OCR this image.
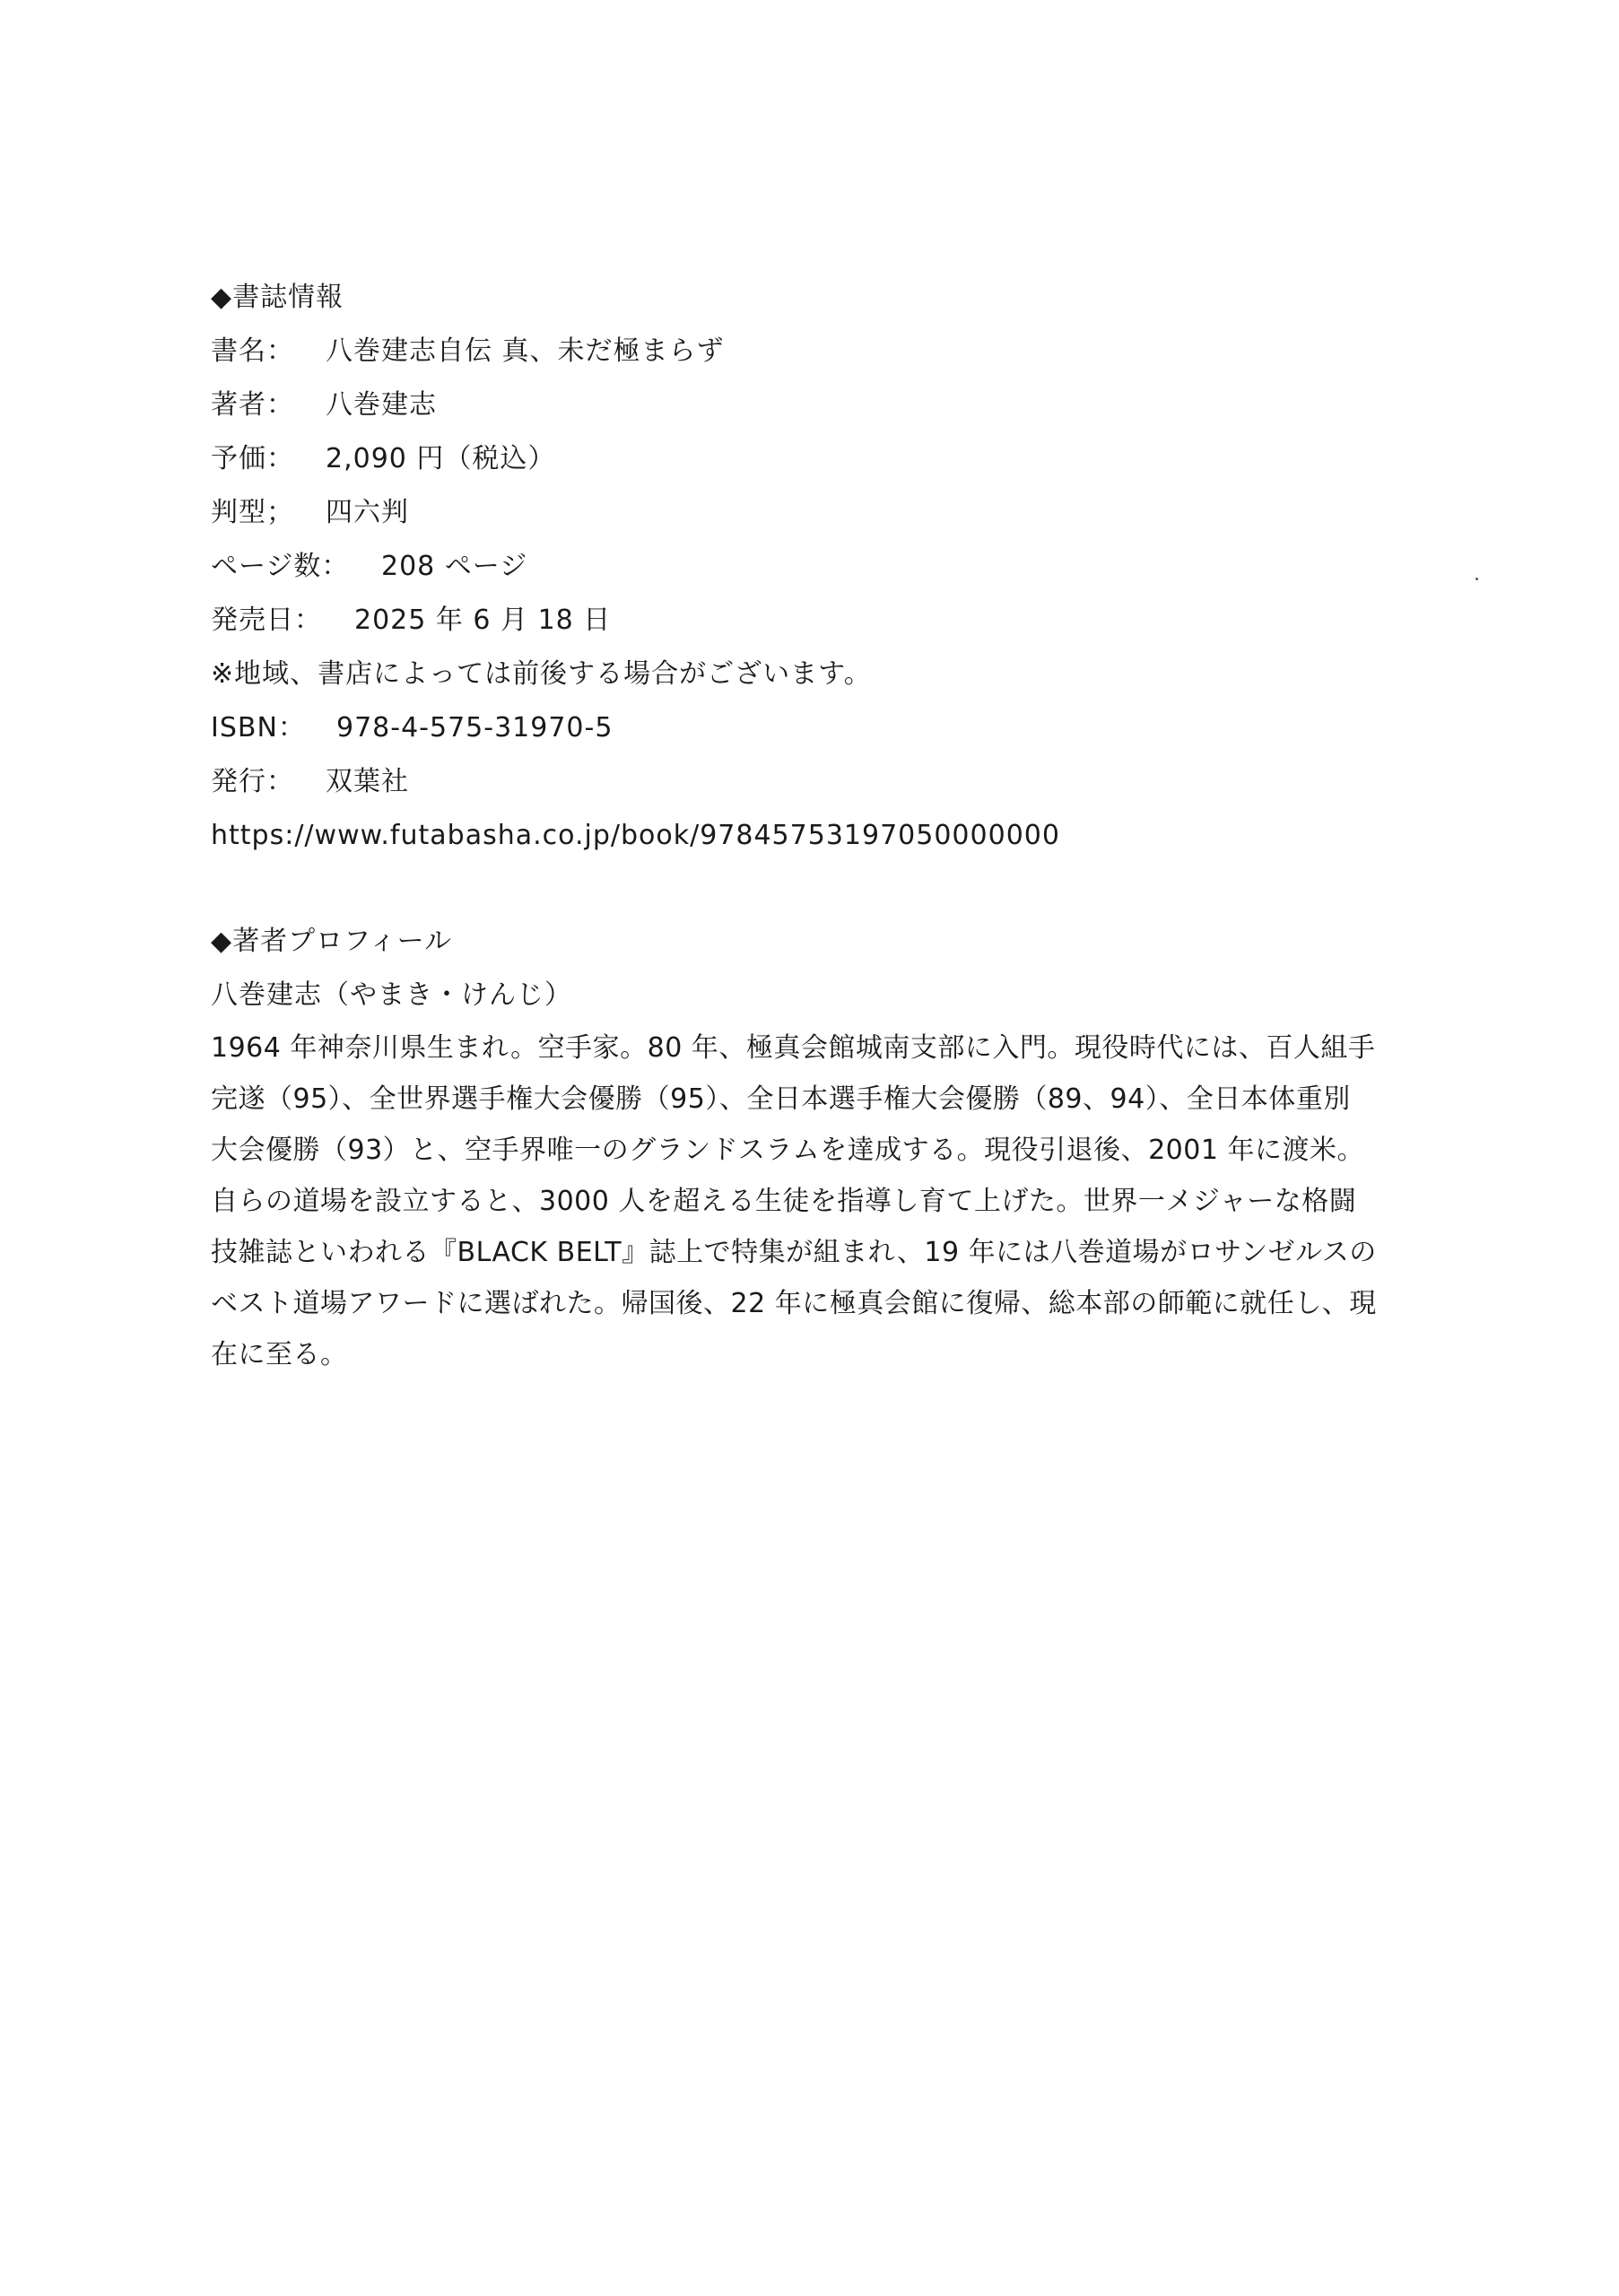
◆書誌情報
書名： 八巻建志自伝 真、未だ極まらず
著者： 八巻建志
予価： 2,090 円（税込）
判型； 四六判
ページ数： 208 ページ
発売日： 2025 年 6 月 18 日
※地域、書店によっては前後する場合がございます。
ISBN： 978-4-575-31970-5
発行： 双葉社
https://www.futabasha.co.jp/book/97845753197050000000
◆著者プロフィール
八巻建志（やまき・けんじ）
1964 年神奈川県生まれ。空手家。80 年、極真会館城南支部に入門。現役時代には、百人組手完遂（95）、全世界選手権大会優勝（95）、全日本選手権大会優勝（89、94）、全日本体重別大会優勝（93）と、空手界唯一のグランドスラムを達成する。現役引退後、2001 年に渡米。自らの道場を設立すると、3000 人を超える生徒を指導し育て上げた。世界一メジャーな格闘技雑誌といわれる『BLACK BELT』誌上で特集が組まれ、19 年には八巻道場がロサンゼルスのベスト道場アワードに選ばれた。帰国後、22 年に極真会館に復帰、総本部の師範に就任し、現在に至る。
